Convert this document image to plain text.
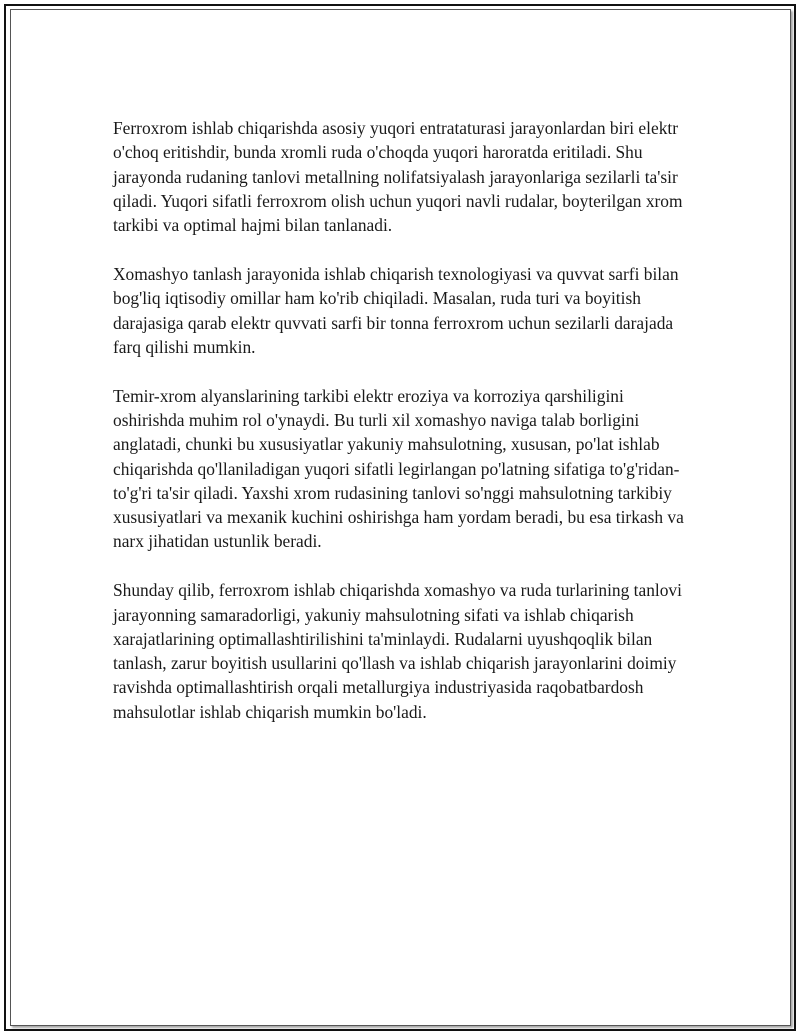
Ferroxrom ishlab chiqarishda asosiy yuqori entrataturasi jarayonlardan biri elektr o'choq eritishdir, bunda xromli ruda o'choqda yuqori haroratda eritiladi. Shu jarayonda rudaning tanlovi metallning nolifatsiyalash jarayonlariga sezilarli ta'sir qiladi. Yuqori sifatli ferroxrom olish uchun yuqori navli rudalar, boyterilgan xrom tarkibi va optimal hajmi bilan tanlanadi.

Xomashyo tanlash jarayonida ishlab chiqarish texnologiyasi va quvvat sarfi bilan bog'liq iqtisodiy omillar ham ko'rib chiqiladi. Masalan, ruda turi va boyitish darajasiga qarab elektr quvvati sarfi bir tonna ferroxrom uchun sezilarli darajada farq qilishi mumkin.

Temir-xrom alyanslarining tarkibi elektr eroziya va korroziya qarshiligini oshirishda muhim rol o'ynaydi. Bu turli xil xomashyo naviga talab borligini anglatadi, chunki bu xususiyatlar yakuniy mahsulotning, xususan, po'lat ishlab chiqarishda qo'llaniladigan yuqori sifatli legirlangan po'latning sifatiga to'g'ridan-to'g'ri ta'sir qiladi. Yaxshi xrom rudasining tanlovi so'nggi mahsulotning tarkibiy xususiyatlari va mexanik kuchini oshirishga ham yordam beradi, bu esa tirkash va narx jihatidan ustunlik beradi.

Shunday qilib, ferroxrom ishlab chiqarishda xomashyo va ruda turlarining tanlovi jarayonning samaradorligi, yakuniy mahsulotning sifati va ishlab chiqarish xarajatlarining optimallashtirilishini ta'minlaydi. Rudalarni uyushqoqlik bilan tanlash, zarur boyitish usullarini qo'llash va ishlab chiqarish jarayonlarini doimiy ravishda optimallashtirish orqali metallurgiya industriyasida raqobatbardosh mahsulotlar ishlab chiqarish mumkin bo'ladi.
